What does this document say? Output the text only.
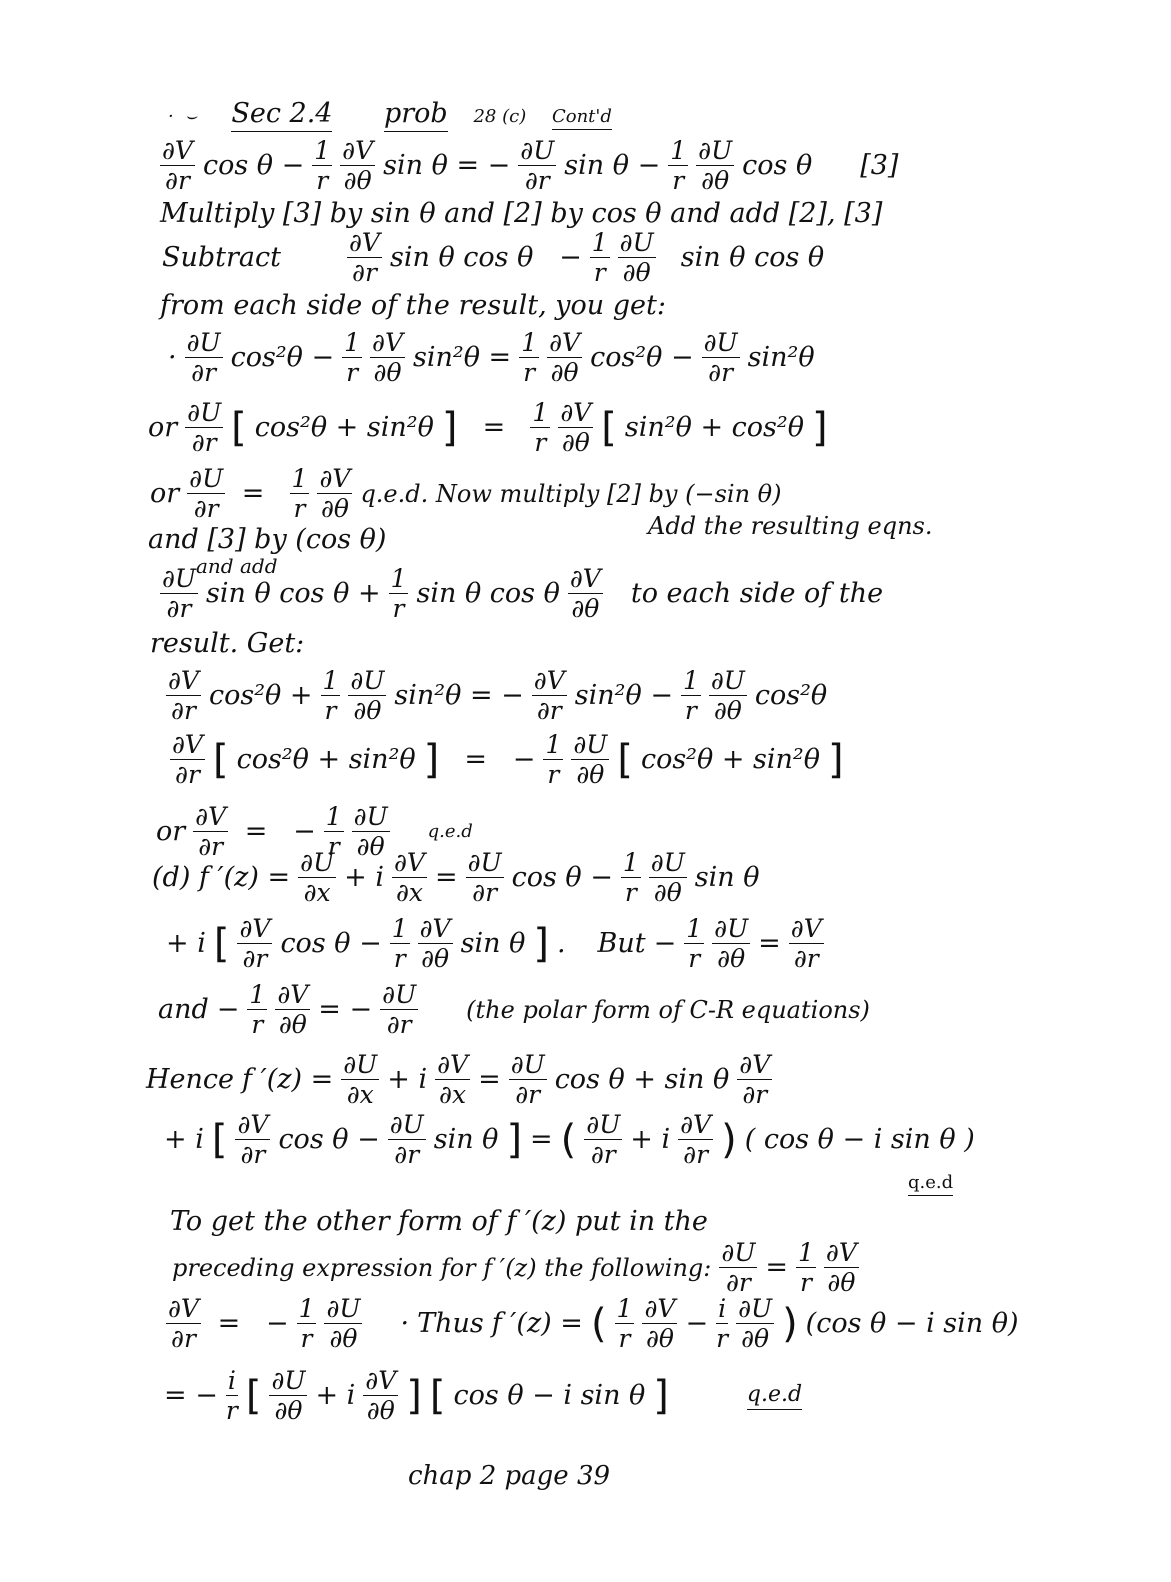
·  ⌣ Sec 2.4 prob 28 (c) Cont'd
$\frac{\partial V}{\partial r}$ $\cos \theta - \frac{1}{r} \frac{\partial V}{\partial\theta}$ sin θ = − $\frac{\partial U}{\partial r}$ $\sin \theta - \frac{1}{r} \frac{\partial U}{\partial\theta}$ cos θ [3]
Multiply [3] by sin θ and [2] by cos θ and add [2], [3]
Subtract	$\frac{\partial V}{\partial r}$ sin θ $\cos \theta - \frac{1}{r} \frac{\partial U}{\partial\theta}$ sin θ cos θ
from each side of the result, you get:
· $\frac{\partial U}{\partial r} \cos^2\theta - \frac{1}{r} \frac{\partial V}{\partial\theta} \sin^2\theta = \frac{1}{r} \frac{\partial V}{\partial\theta} \cos^2\theta - \frac{\partial U}{\partial r} \sin^2\theta$
or $\frac{\partial U}{\partial r}$ [ cos²θ + sin²θ ] = $\frac{1}{r} \frac{\partial V}{\partial\theta}$ [ sin²θ + cos²θ ]
or $\frac{\partial U}{\partial r} = \frac{1}{r} \frac{\partial V}{\partial\theta} q.e.d$. Now multiply [2] by (−sin θ)
and [3] by (cos θ)	Add the resulting eqns.
and add
$\frac{\partial U}{\partial r}$ sin θ $\cos \theta + \frac{1}{r}$ sin θ cos θ $\frac{\partial V}{\partial\theta}$ to each side of the
result. Get:
$\frac{\partial V}{\partial r} \cos^2\theta + \frac{1}{r} \frac{\partial U}{\partial\theta} \sin^2\theta$ = − $\frac{\partial V}{\partial r} \sin^2\theta - \frac{1}{r} \frac{\partial U}{\partial\theta} \cos^2\theta$
$\frac{\partial V}{\partial r}$ [ cos²θ + sin²θ ] =   − $\frac{1}{r} \frac{\partial U}{\partial\theta}$ [ cos²θ + sin²θ ]
or $\frac{\partial V}{\partial r}$ =   − $\frac{1}{r} \frac{\partial U}{\partial\theta} q.e.d$
(d) f $'(z) = \frac{\partial U}{\partial x} + i \frac{\partial V}{\partial x} = \frac{\partial U}{\partial r}$ $\cos \theta - \frac{1}{r} \frac{\partial U}{\partial\theta}$ sin θ
+ i [ $\frac{\partial V}{\partial r}$ $\cos \theta - \frac{1}{r} \frac{\partial V}{\partial\theta}$ sin θ ] . But − $\frac{1}{r} \frac{\partial U}{\partial\theta} = \frac{\partial V}{\partial r}$
and − $\frac{1}{r} \frac{\partial V}{\partial\theta}$ = − $\frac{\partial U}{\partial r} (the$ polar form of C-R equations)
Hence f $'(z) = \frac{\partial U}{\partial x} + i \frac{\partial V}{\partial x} = \frac{\partial U}{\partial r}$ cos θ + sin θ $\frac{\partial V}{\partial r}$
+ i [ $\frac{\partial V}{\partial r}$ $\cos \theta - \frac{\partial U}{\partial r}$ sin θ ] = ( $\frac{\partial U}{\partial r} + i \frac{\partial V}{\partial r}$ ) ( cos θ − i sin θ )
q.e.d
To get the other form of f ′(z) put in the
preceding expression for f ′(z) the following: $\frac{\partial U}{\partial r} = \frac{1}{r} \frac{\partial V}{\partial\theta}$
$\frac{\partial V}{\partial r}$ =   − $\frac{1}{r} \frac{\partial U}{\partial\theta}$ · Thus f ′(z) = ( $\frac{1}{r} \frac{\partial V}{\partial\theta} - \frac{i}{r} \frac{\partial U}{\partial\theta}$ ) (cos θ − i sin θ)
= − $\frac{i}{r}$ [ $\frac{\partial U}{\partial\theta} + i \frac{\partial V}{\partial\theta}$ ] [ cos θ − i sin θ ]	q.e.d
chap 2 page 39
